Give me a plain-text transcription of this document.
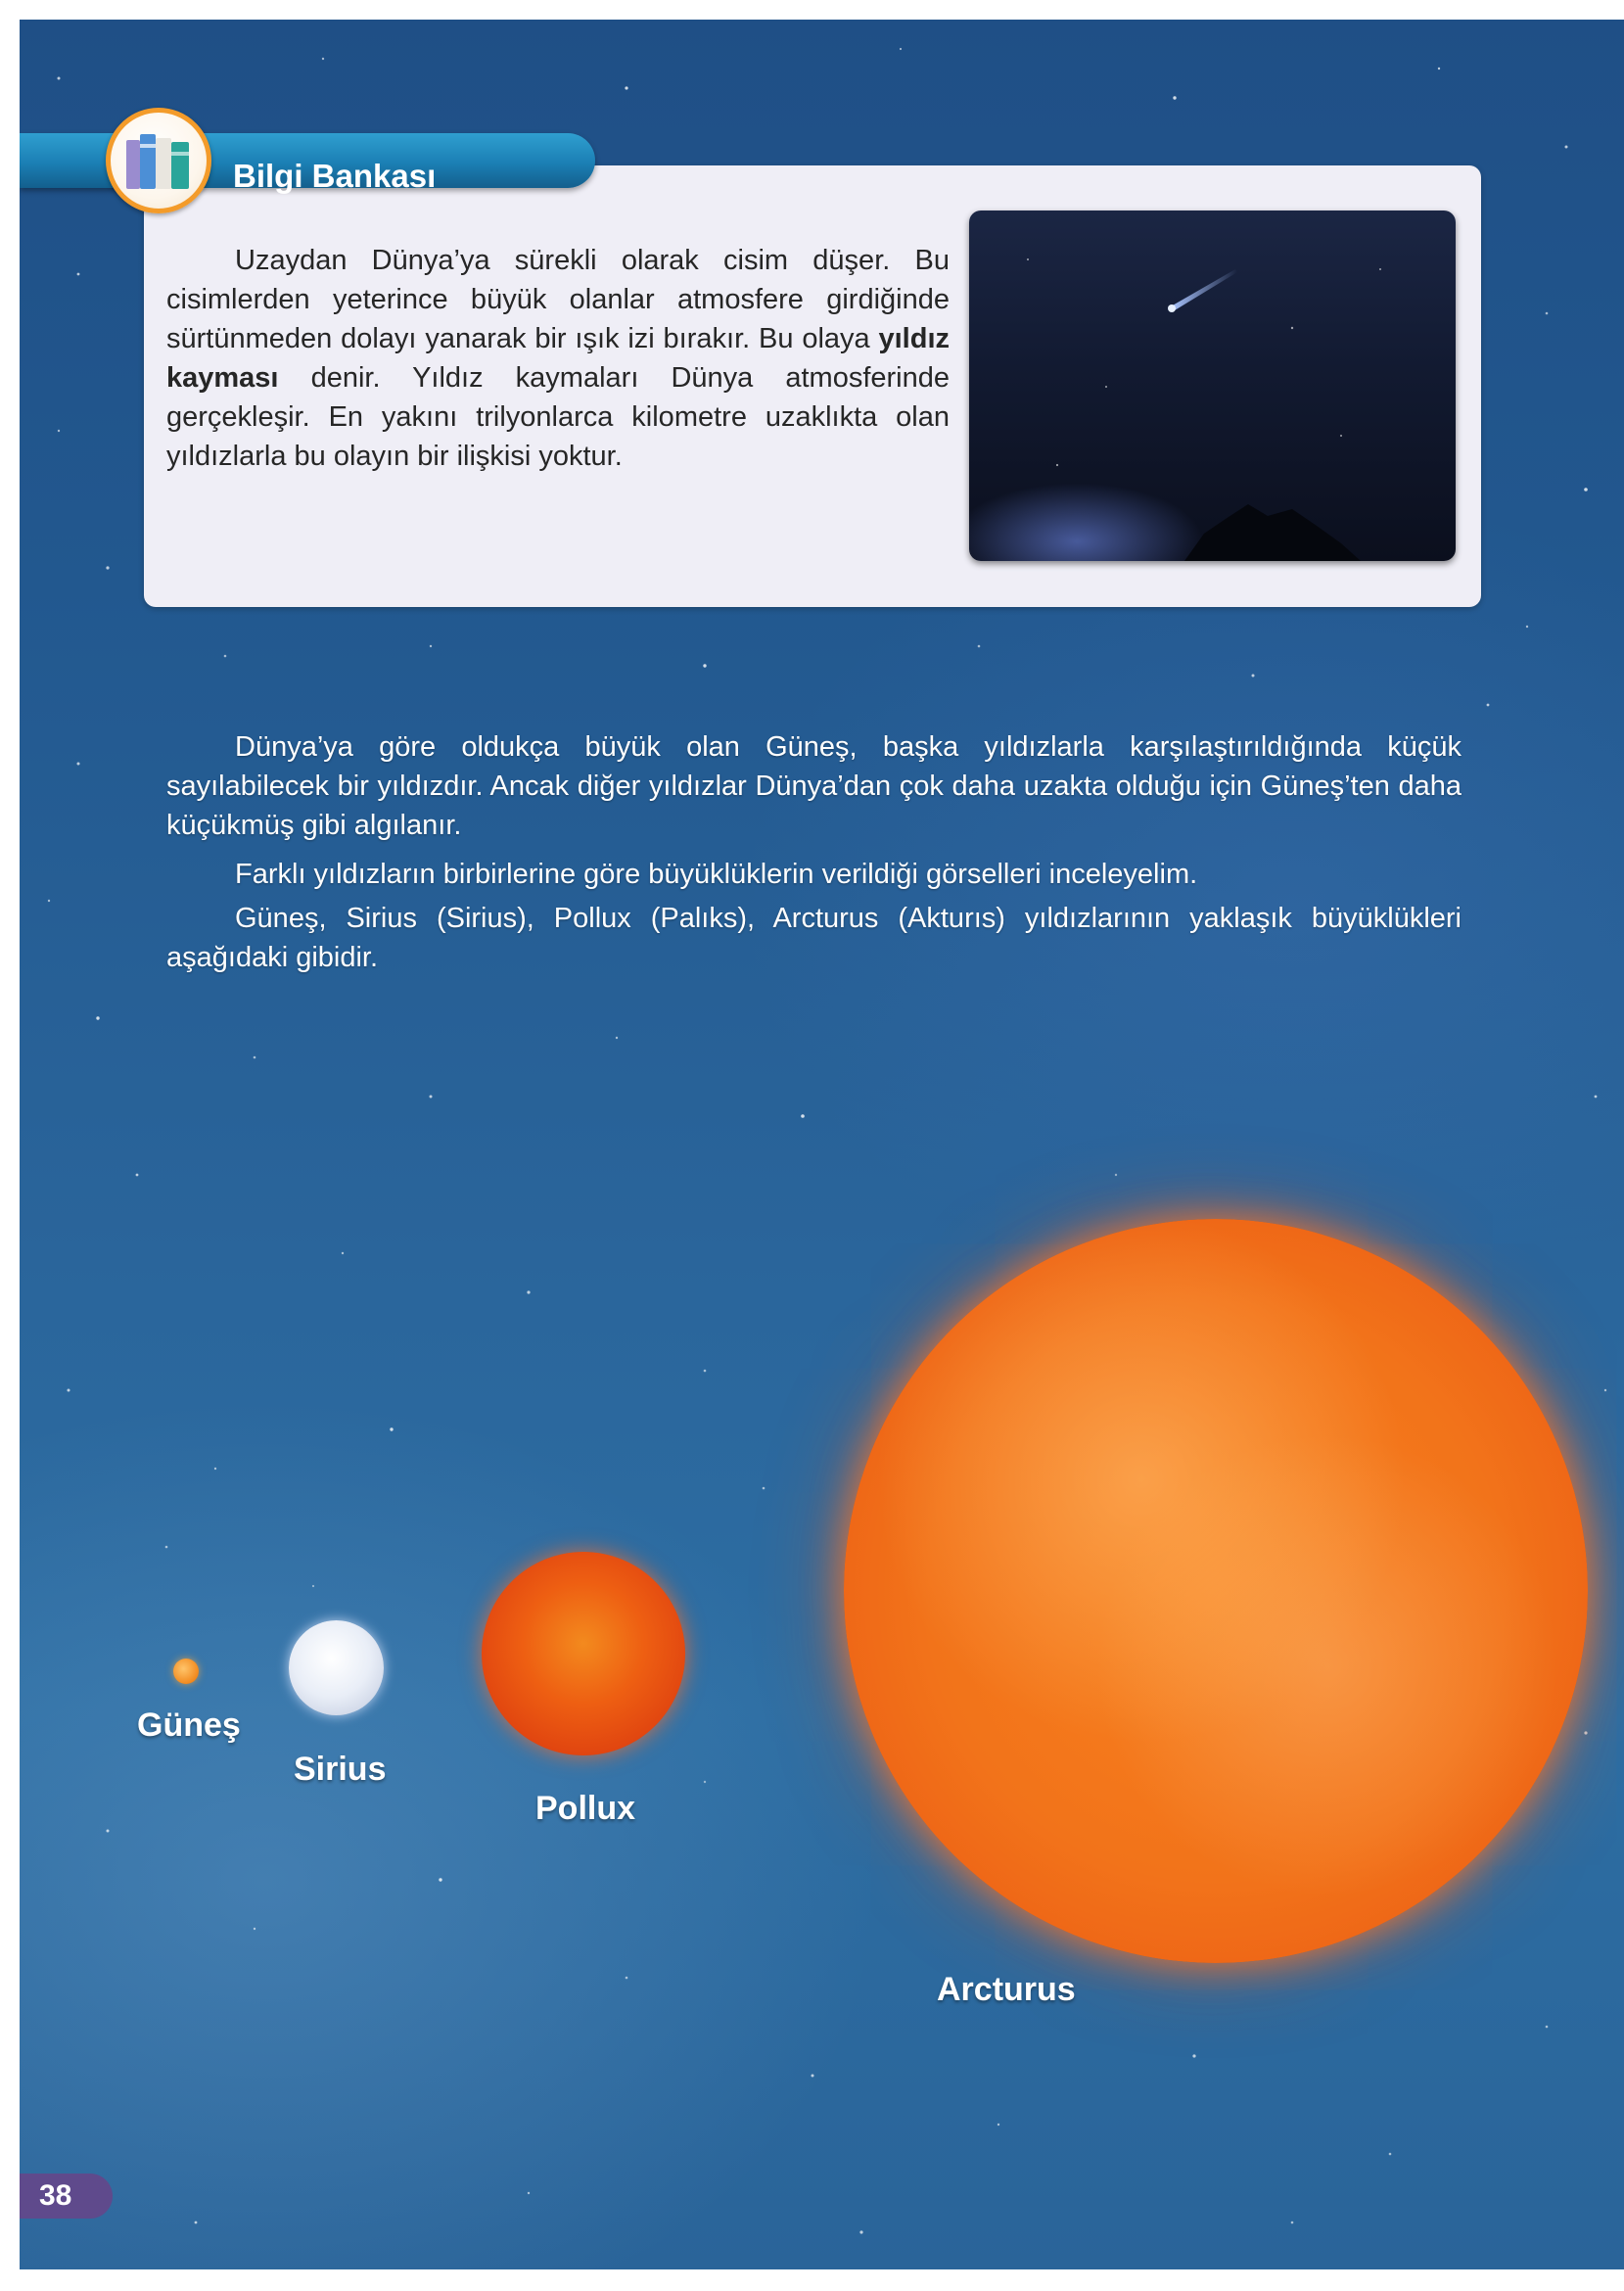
Bilgi Bankası

Uzaydan Dünya’ya sürekli olarak cisim düşer. Bu cisimlerden yeterince büyük olanlar atmosfere girdiğinde sürtünmeden dolayı yanarak bir ışık izi bırakır. Bu olaya yıldız kayması denir. Yıldız kaymaları Dünya atmosferinde gerçekleşir. En yakını trilyonlarca kilometre uzaklıkta olan yıldızlarla bu olayın bir ilişkisi yoktur.

Dünya’ya göre oldukça büyük olan Güneş, başka yıldızlarla karşılaştırıldığında küçük sayılabilecek bir yıldızdır. Ancak diğer yıldızlar Dünya’dan çok daha uzakta olduğu için Güneş’ten daha küçükmüş gibi algılanır.

Farklı yıldızların birbirlerine göre büyüklüklerin verildiği görselleri inceleyelim.

Güneş, Sirius (Sirius), Pollux (Palıks), Arcturus (Akturıs) yıldızlarının yaklaşık büyüklükleri aşağıdaki gibidir.

Güneş
Sirius
Pollux
Arcturus
38
